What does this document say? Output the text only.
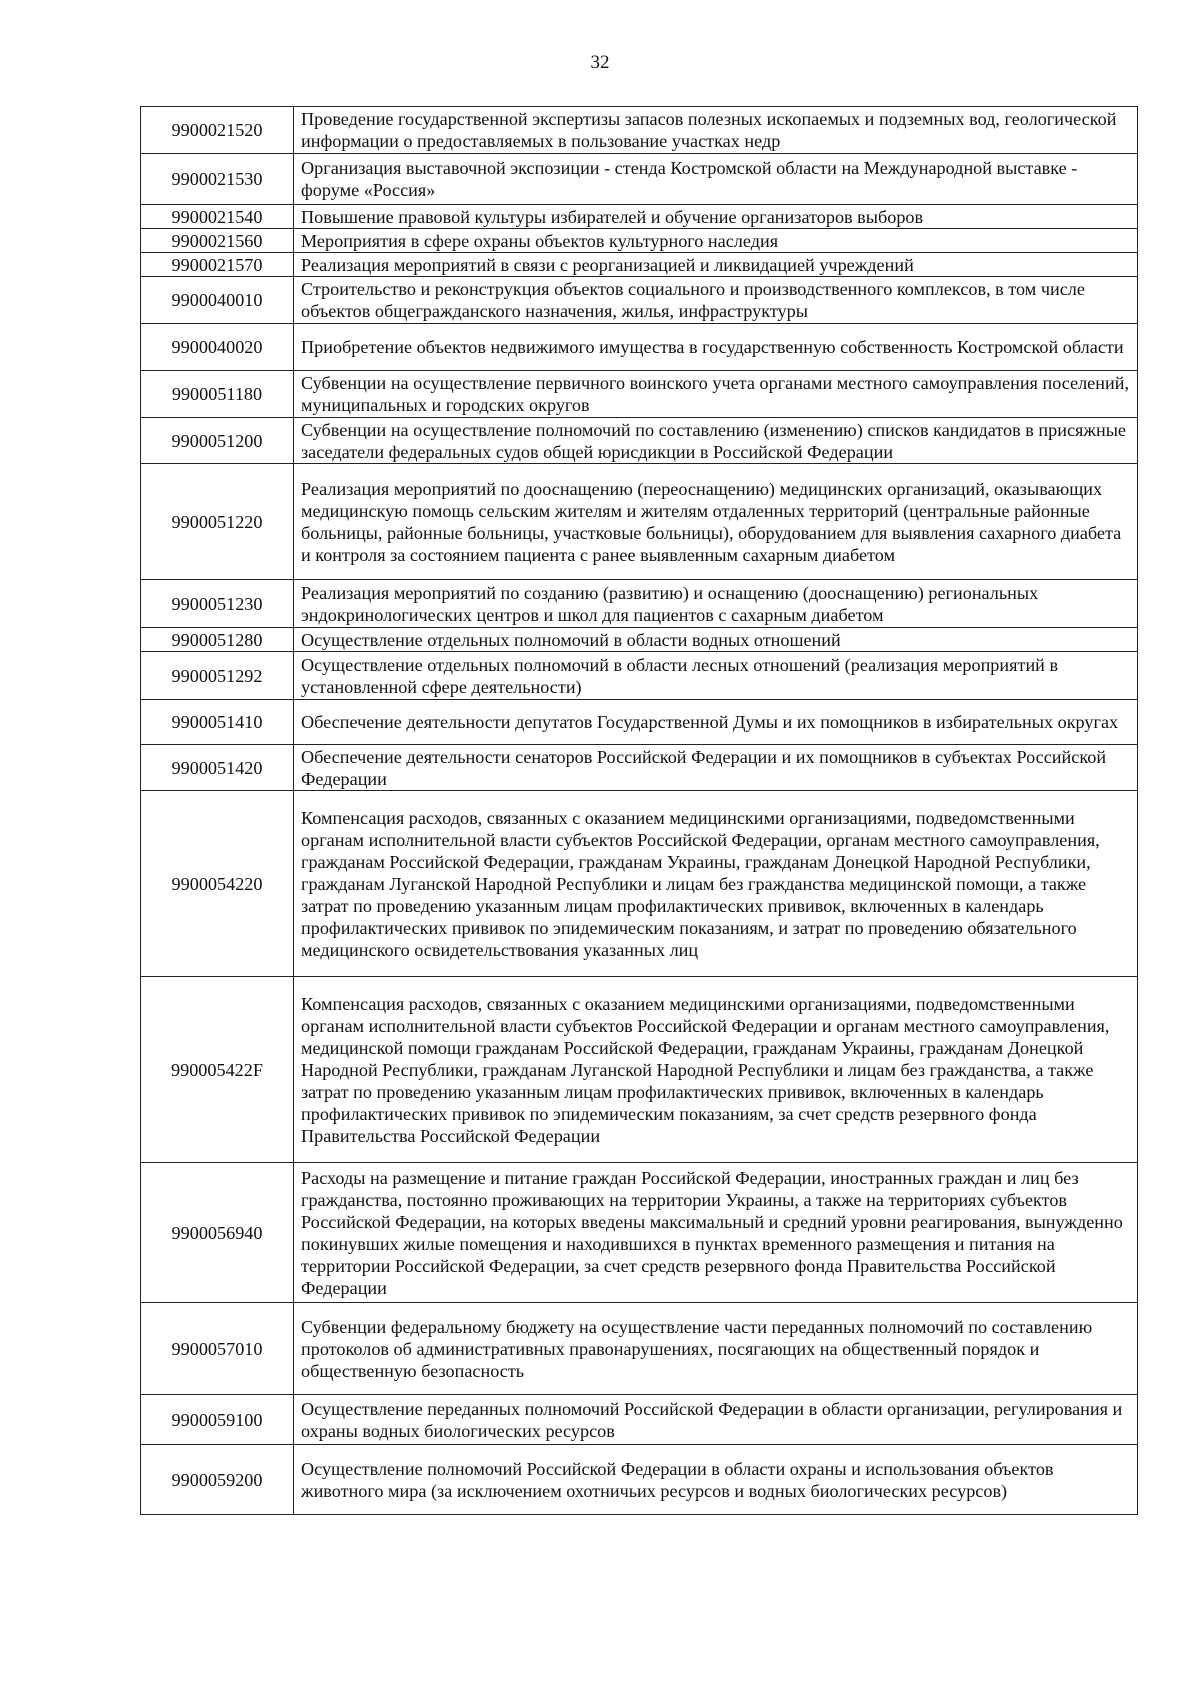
32
9900021520	Проведение государственной экспертизы запасов полезных ископаемых и подземных вод, геологической информации о предоставляемых в пользование участках недр
9900021530	Организация выставочной экспозиции - стенда Костромской области на Международной выставке - форуме «Россия»
9900021540	Повышение правовой культуры избирателей и обучение организаторов выборов
9900021560	Мероприятия в сфере охраны объектов культурного наследия
9900021570	Реализация мероприятий в связи с реорганизацией и ликвидацией учреждений
9900040010	Строительство и реконструкция объектов социального и производственного комплексов, в том числе объектов общегражданского назначения, жилья, инфраструктуры
9900040020	Приобретение объектов недвижимого имущества в государственную собственность Костромской области
9900051180	Субвенции на осуществление первичного воинского учета органами местного самоуправления поселений, муниципальных и городских округов
9900051200	Субвенции на осуществление полномочий по составлению (изменению) списков кандидатов в присяжные заседатели федеральных судов общей юрисдикции в Российской Федерации
9900051220	Реализация мероприятий по дооснащению (переоснащению) медицинских организаций, оказывающих медицинскую помощь сельским жителям и жителям отдаленных территорий (центральные районные больницы, районные больницы, участковые больницы), оборудованием для выявления сахарного диабета и контроля за состоянием пациента с ранее выявленным сахарным диабетом
9900051230	Реализация мероприятий по созданию (развитию) и оснащению (дооснащению) региональных эндокринологических центров и школ для пациентов с сахарным диабетом
9900051280	Осуществление отдельных полномочий в области водных отношений
9900051292	Осуществление отдельных полномочий в области лесных отношений (реализация мероприятий в установленной сфере деятельности)
9900051410	Обеспечение деятельности депутатов Государственной Думы и их помощников в избирательных округах
9900051420	Обеспечение деятельности сенаторов Российской Федерации и их помощников в субъектах Российской Федерации
9900054220	Компенсация расходов, связанных с оказанием медицинскими организациями, подведомственными органам исполнительной власти субъектов Российской Федерации, органам местного самоуправления, гражданам Российской Федерации, гражданам Украины, гражданам Донецкой Народной Республики, гражданам Луганской Народной Республики и лицам без гражданства медицинской помощи, а также затрат по проведению указанным лицам профилактических прививок, включенных в календарь профилактических прививок по эпидемическим показаниям, и затрат по проведению обязательного медицинского освидетельствования указанных лиц
990005422F	Компенсация расходов, связанных с оказанием медицинскими организациями, подведомственными органам исполнительной власти субъектов Российской Федерации и органам местного самоуправления, медицинской помощи гражданам Российской Федерации, гражданам Украины, гражданам Донецкой Народной Республики, гражданам Луганской Народной Республики и лицам без гражданства, а также затрат по проведению указанным лицам профилактических прививок, включенных в календарь профилактических прививок по эпидемическим показаниям, за счет средств резервного фонда Правительства Российской Федерации
9900056940	Расходы на размещение и питание граждан Российской Федерации, иностранных граждан и лиц без гражданства, постоянно проживающих на территории Украины, а также на территориях субъектов Российской Федерации, на которых введены максимальный и средний уровни реагирования, вынужденно покинувших жилые помещения и находившихся в пунктах временного размещения и питания на территории Российской Федерации, за счет средств резервного фонда Правительства Российской Федерации
9900057010	Субвенции федеральному бюджету на осуществление части переданных полномочий по составлению протоколов об административных правонарушениях, посягающих на общественный порядок и общественную безопасность
9900059100	Осуществление переданных полномочий Российской Федерации в области организации, регулирования и охраны водных биологических ресурсов
9900059200	Осуществление полномочий Российской Федерации в области охраны и использования объектов животного мира (за исключением охотничьих ресурсов и водных биологических ресурсов)
